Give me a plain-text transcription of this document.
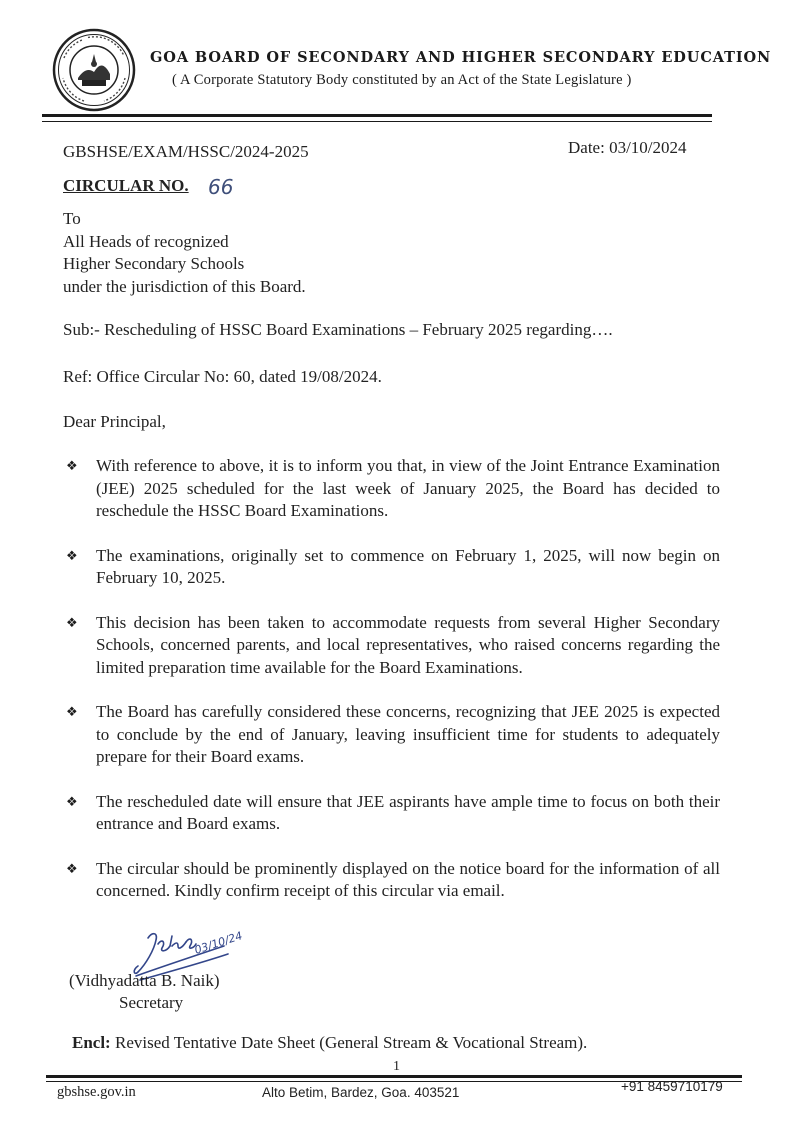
GOA BOARD OF SECONDARY AND HIGHER SECONDARY EDUCATION
( A Corporate Statutory Body constituted by an Act of the State Legislature )
GBSHSE/EXAM/HSSC/2024-2025	Date: 03/10/2024
CIRCULAR NO. 66
To
All Heads of recognized
Higher Secondary Schools
under the jurisdiction of this Board.
Sub:- Rescheduling of HSSC Board Examinations – February 2025 regarding….
Ref: Office Circular No: 60, dated 19/08/2024.
Dear Principal,
❖	With reference to above, it is to inform you that, in view of the Joint Entrance Examination (JEE) 2025 scheduled for the last week of January 2025, the Board has decided to reschedule the HSSC Board Examinations.
❖	The examinations, originally set to commence on February 1, 2025, will now begin on February 10, 2025.
❖	This decision has been taken to accommodate requests from several Higher Secondary Schools, concerned parents, and local representatives, who raised concerns regarding the limited preparation time available for the Board Examinations.
❖	The Board has carefully considered these concerns, recognizing that JEE 2025 is expected to conclude by the end of January, leaving insufficient time for students to adequately prepare for their Board exams.
❖	The rescheduled date will ensure that JEE aspirants have ample time to focus on both their entrance and Board exams.
❖	The circular should be prominently displayed on the notice board for the information of all concerned. Kindly confirm receipt of this circular via email.
03/10/24
(Vidhyadatta B. Naik)
Secretary
Encl: Revised Tentative Date Sheet (General Stream & Vocational Stream).
1
gbshse.gov.in	Alto Betim, Bardez, Goa. 403521	+91 8459710179
